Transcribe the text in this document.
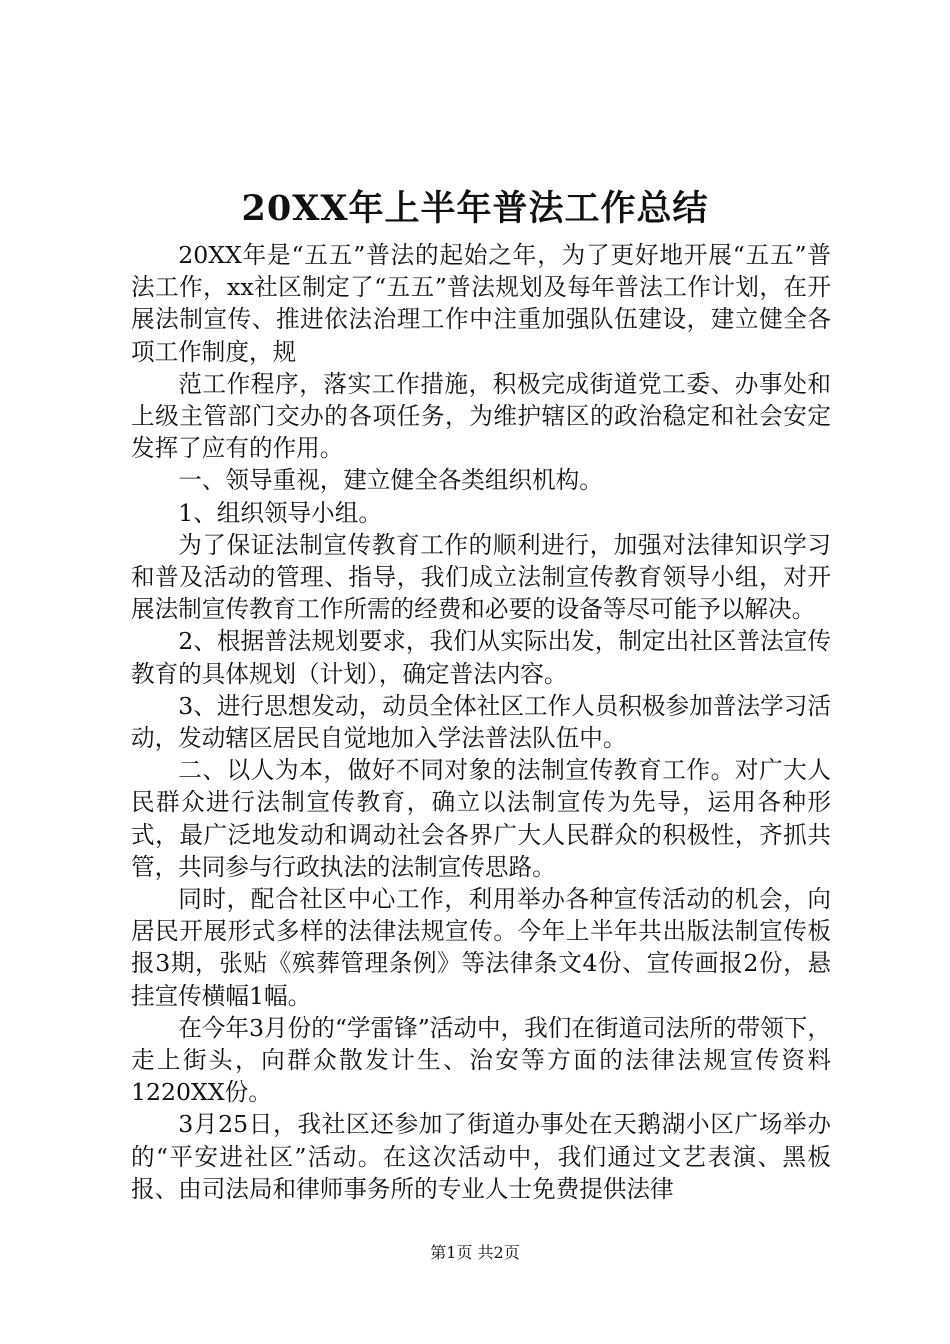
20XX年上半年普法工作总结

20XX年是“五五”普法的起始之年，为了更好地开展“五五”普法工作，xx社区制定了“五五”普法规划及每年普法工作计划，在开展法制宣传、推进依法治理工作中注重加强队伍建设，建立健全各项工作制度，规

范工作程序，落实工作措施，积极完成街道党工委、办事处和上级主管部门交办的各项任务，为维护辖区的政治稳定和社会安定发挥了应有的作用。

一、领导重视，建立健全各类组织机构。

1、组织领导小组。

为了保证法制宣传教育工作的顺利进行，加强对法律知识学习和普及活动的管理、指导，我们成立法制宣传教育领导小组，对开展法制宣传教育工作所需的经费和必要的设备等尽可能予以解决。

2、根据普法规划要求，我们从实际出发，制定出社区普法宣传教育的具体规划（计划），确定普法内容。

3、进行思想发动，动员全体社区工作人员积极参加普法学习活动，发动辖区居民自觉地加入学法普法队伍中。

二、以人为本，做好不同对象的法制宣传教育工作。对广大人民群众进行法制宣传教育，确立以法制宣传为先导，运用各种形式，最广泛地发动和调动社会各界广大人民群众的积极性，齐抓共管，共同参与行政执法的法制宣传思路。

同时，配合社区中心工作，利用举办各种宣传活动的机会，向居民开展形式多样的法律法规宣传。今年上半年共出版法制宣传板报3期，张贴《殡葬管理条例》等法律条文4份、宣传画报2份，悬挂宣传横幅1幅。

在今年3月份的“学雷锋”活动中，我们在街道司法所的带领下，走上街头，向群众散发计生、治安等方面的法律法规宣传资料1220XX份。

3月25日，我社区还参加了街道办事处在天鹅湖小区广场举办的“平安进社区”活动。在这次活动中，我们通过文艺表演、黑板报、由司法局和律师事务所的专业人士免费提供法律

第1页 共2页
